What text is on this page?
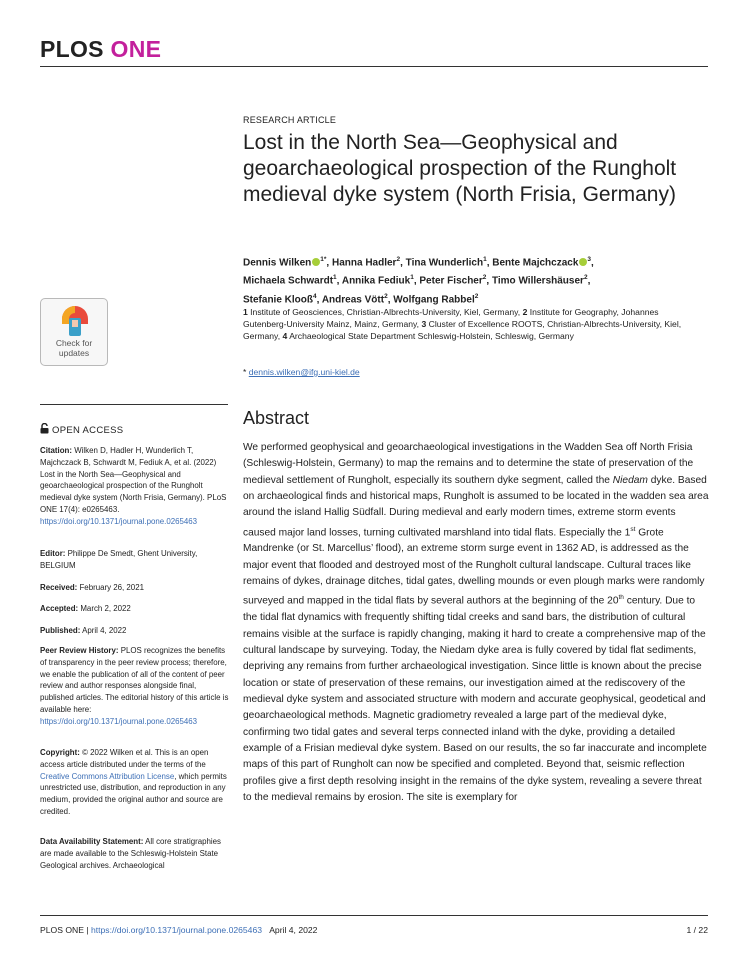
PLOS ONE
RESEARCH ARTICLE
Lost in the North Sea—Geophysical and geoarchaeological prospection of the Rungholt medieval dyke system (North Frisia, Germany)
Dennis Wilken $^{1*}$, Hanna Hadler$^2$, Tina Wunderlich$^1$, Bente Majchczack $^3$,
Michaela Schwardt$^1$, Annika Fediuk$^1$, Peter Fischer$^2$, Timo Willershäuser$^2$,
Stefanie Klooß$^4$, Andreas Vött$^2$, Wolfgang Rabbel$^2$
1 Institute of Geosciences, Christian-Albrechts-University, Kiel, Germany, 2 Institute for Geography, Johannes Gutenberg-University Mainz, Mainz, Germany, 3 Cluster of Excellence ROOTS, Christian-Albrechts-University, Kiel, Germany, 4 Archaeological State Department Schleswig-Holstein, Schleswig, Germany
* dennis.wilken@ifg.uni-kiel.de
Check for
updates
OPEN ACCESS
Citation: Wilken D, Hadler H, Wunderlich T, Majchczack B, Schwardt M, Fediuk A, et al. (2022) Lost in the North Sea—Geophysical and geoarchaeological prospection of the Rungholt medieval dyke system (North Frisia, Germany). PLoS ONE 17(4): e0265463. https://doi.org/10.1371/journal.pone.0265463
Editor: Philippe De Smedt, Ghent University, BELGIUM
Received: February 26, 2021
Accepted: March 2, 2022
Published: April 4, 2022
Peer Review History: PLOS recognizes the benefits of transparency in the peer review process; therefore, we enable the publication of all of the content of peer review and author responses alongside final, published articles. The editorial history of this article is available here: https://doi.org/10.1371/journal.pone.0265463
Copyright: © 2022 Wilken et al. This is an open access article distributed under the terms of the Creative Commons Attribution License, which permits unrestricted use, distribution, and reproduction in any medium, provided the original author and source are credited.
Data Availability Statement: All core stratigraphies are made available to the Schleswig-Holstein State Geological archives. Archaeological
Abstract

We performed geophysical and geoarchaeological investigations in the Wadden Sea off North Frisia (Schleswig-Holstein, Germany) to map the remains and to determine the state of preservation of the medieval settlement of Rungholt, especially its southern dyke segment, called the Niedam dyke. Based on archaeological finds and historical maps, Rungholt is assumed to be located in the wadden sea area around the island Hallig Südfall. During medieval and early modern times, extreme storm events caused major land losses, turning cultivated marshland into tidal flats. Especially the 1st Grote Mandrenke (or St. Marcellus’ flood), an extreme storm surge event in 1362 AD, is addressed as the major event that flooded and destroyed most of the Rungholt cultural landscape. Cultural traces like remains of dykes, drainage ditches, tidal gates, dwelling mounds or even plough marks were randomly surveyed and mapped in the tidal flats by several authors at the beginning of the 20th century. Due to the tidal flat dynamics with frequently shifting tidal creeks and sand bars, the distribution of cultural remains visible at the surface is rapidly changing, making it hard to create a comprehensive map of the cultural landscape by surveying. Today, the Niedam dyke area is fully covered by tidal flat sediments, depriving any remains from further archaeological investigation. Since little is known about the precise location or state of preservation of these remains, our investigation aimed at the rediscovery of the medieval dyke system and associated structure with modern and accurate geophysical, geodetical and geoarchaeological methods. Magnetic gradiometry revealed a large part of the medieval dyke, confirming two tidal gates and several terps connected inland with the dyke, providing a detailed example of a Frisian medieval dyke system. Based on our results, the so far inaccurate and incomplete maps of this part of Rungholt can now be specified and completed. Beyond that, seismic reflection profiles give a first depth resolving insight in the remains of the dyke system, revealing a severe threat to the medieval remains by erosion. The site is exemplary for

PLOS ONE | https://doi.org/10.1371/journal.pone.0265463 April 4, 2022	1 / 22
